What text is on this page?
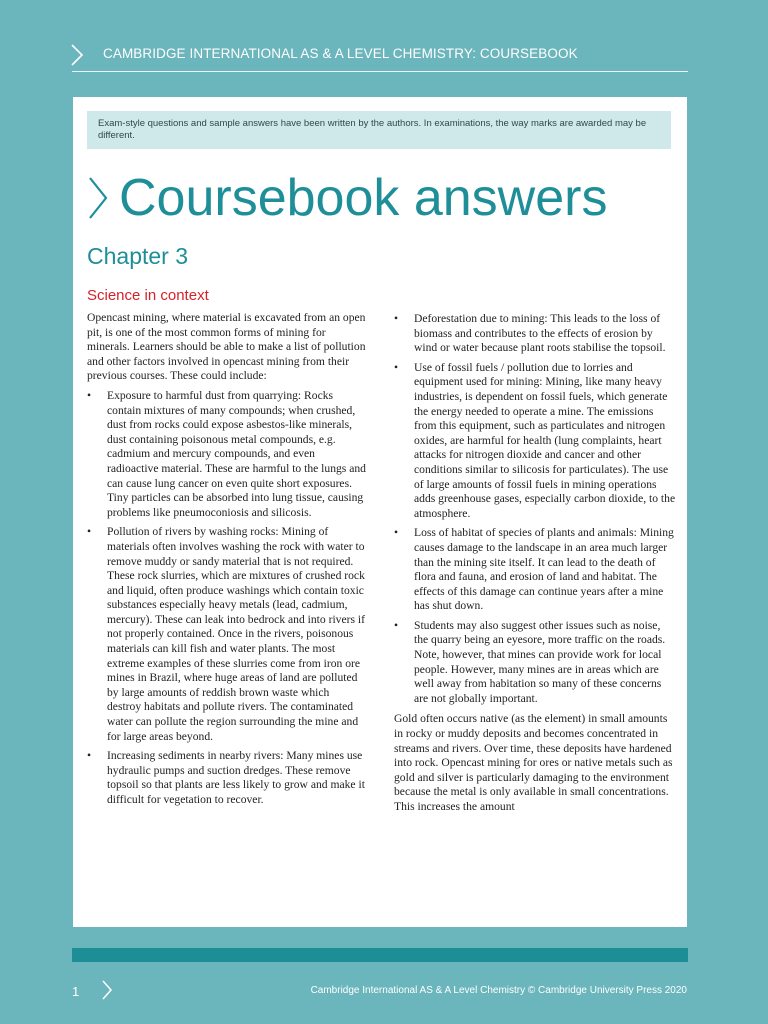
CAMBRIDGE INTERNATIONAL AS & A LEVEL CHEMISTRY: COURSEBOOK
Exam-style questions and sample answers have been written by the authors. In examinations, the way marks are awarded may be different.
Coursebook answers
Chapter 3
Science in context

Opencast mining, where material is excavated from an open pit, is one of the most common forms of mining for minerals. Learners should be able to make a list of pollution and other factors involved in opencast mining from their previous courses. These could include:

• Exposure to harmful dust from quarrying: Rocks contain mixtures of many compounds; when crushed, dust from rocks could expose asbestos-like minerals, dust containing poisonous metal compounds, e.g. cadmium and mercury compounds, and even radioactive material. These are harmful to the lungs and can cause lung cancer on even quite short exposures. Tiny particles can be absorbed into lung tissue, causing problems like pneumoconiosis and silicosis.
• Pollution of rivers by washing rocks: Mining of materials often involves washing the rock with water to remove muddy or sandy material that is not required. These rock slurries, which are mixtures of crushed rock and liquid, often produce washings which contain toxic substances especially heavy metals (lead, cadmium, mercury). These can leak into bedrock and into rivers if not properly contained. Once in the rivers, poisonous materials can kill fish and water plants. The most extreme examples of these slurries come from iron ore mines in Brazil, where huge areas of land are polluted by large amounts of reddish brown waste which destroy habitats and pollute rivers. The contaminated water can pollute the region surrounding the mine and for large areas beyond.
• Increasing sediments in nearby rivers: Many mines use hydraulic pumps and suction dredges. These remove topsoil so that plants are less likely to grow and make it difficult for vegetation to recover.
• Deforestation due to mining: This leads to the loss of biomass and contributes to the effects of erosion by wind or water because plant roots stabilise the topsoil.
• Use of fossil fuels / pollution due to lorries and equipment used for mining: Mining, like many heavy industries, is dependent on fossil fuels, which generate the energy needed to operate a mine. The emissions from this equipment, such as particulates and nitrogen oxides, are harmful for health (lung complaints, heart attacks for nitrogen dioxide and cancer and other conditions similar to silicosis for particulates). The use of large amounts of fossil fuels in mining operations adds greenhouse gases, especially carbon dioxide, to the atmosphere.
• Loss of habitat of species of plants and animals: Mining causes damage to the landscape in an area much larger than the mining site itself. It can lead to the death of flora and fauna, and erosion of land and habitat. The effects of this damage can continue years after a mine has shut down.
• Students may also suggest other issues such as noise, the quarry being an eyesore, more traffic on the roads. Note, however, that mines can provide work for local people. However, many mines are in areas which are well away from habitation so many of these concerns are not globally important.

Gold often occurs native (as the element) in small amounts in rocky or muddy deposits and becomes concentrated in streams and rivers. Over time, these deposits have hardened into rock. Opencast mining for ores or native metals such as gold and silver is particularly damaging to the environment because the metal is only available in small concentrations. This increases the amount

1	Cambridge International AS & A Level Chemistry © Cambridge University Press 2020
